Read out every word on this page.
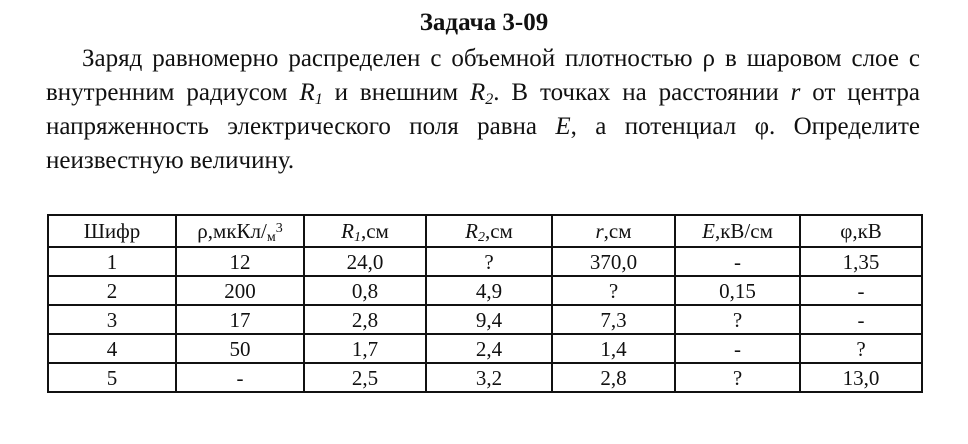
Задача 3-09

Заряд равномерно распределен с объемной плотностью ρ в шаровом слое с внутренним радиусом $R_1$ и внешним $R_2$. В точках на расстоянии r от центра напряженность электрического поля равна E, а потенциал φ. Определите неизвестную величину.

Шифр	$\rho,мкКл/_м^3$	$R_1,см$	$R_2,см$	r,см	E,кВ/см	φ,кВ
1	12	24,0	?	370,0	-	1,35
2	200	0,8	4,9	?	0,15	-
3	17	2,8	9,4	7,3	?	-
4	50	1,7	2,4	1,4	-	?
5	-	2,5	3,2	2,8	?	13,0
